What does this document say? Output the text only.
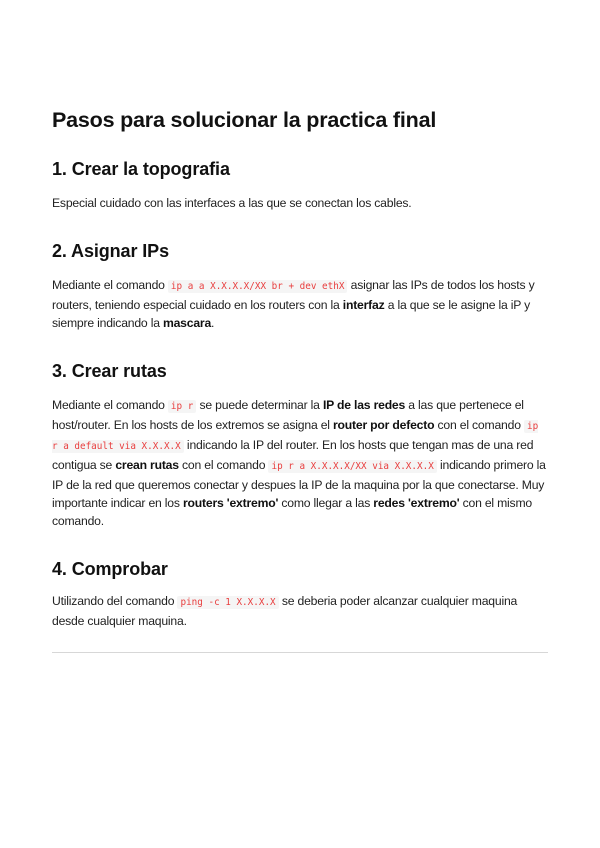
Pasos para solucionar la practica final
1. Crear la topografia

Especial cuidado con las interfaces a las que se conectan los cables.

2. Asignar IPs

Mediante el comando ip a a X.X.X.X/XX br + dev ethX asignar las IPs de todos los hosts y routers, teniendo especial cuidado en los routers con la interfaz a la que se le asigne la iP y siempre indicando la mascara.

3. Crear rutas

Mediante el comando ip r se puede determinar la IP de las redes a las que pertenece el host/router. En los hosts de los extremos se asigna el router por defecto con el comando ip r a default via X.X.X.X indicando la IP del router. En los hosts que tengan mas de una red contigua se crean rutas con el comando ip r a X.X.X.X/XX via X.X.X.X indicando primero la IP de la red que queremos conectar y despues la IP de la maquina por la que conectarse. Muy importante indicar en los routers 'extremo' como llegar a las redes 'extremo' con el mismo comando.

4. Comprobar

Utilizando del comando ping -c 1 X.X.X.X se deberia poder alcanzar cualquier maquina desde cualquier maquina.
